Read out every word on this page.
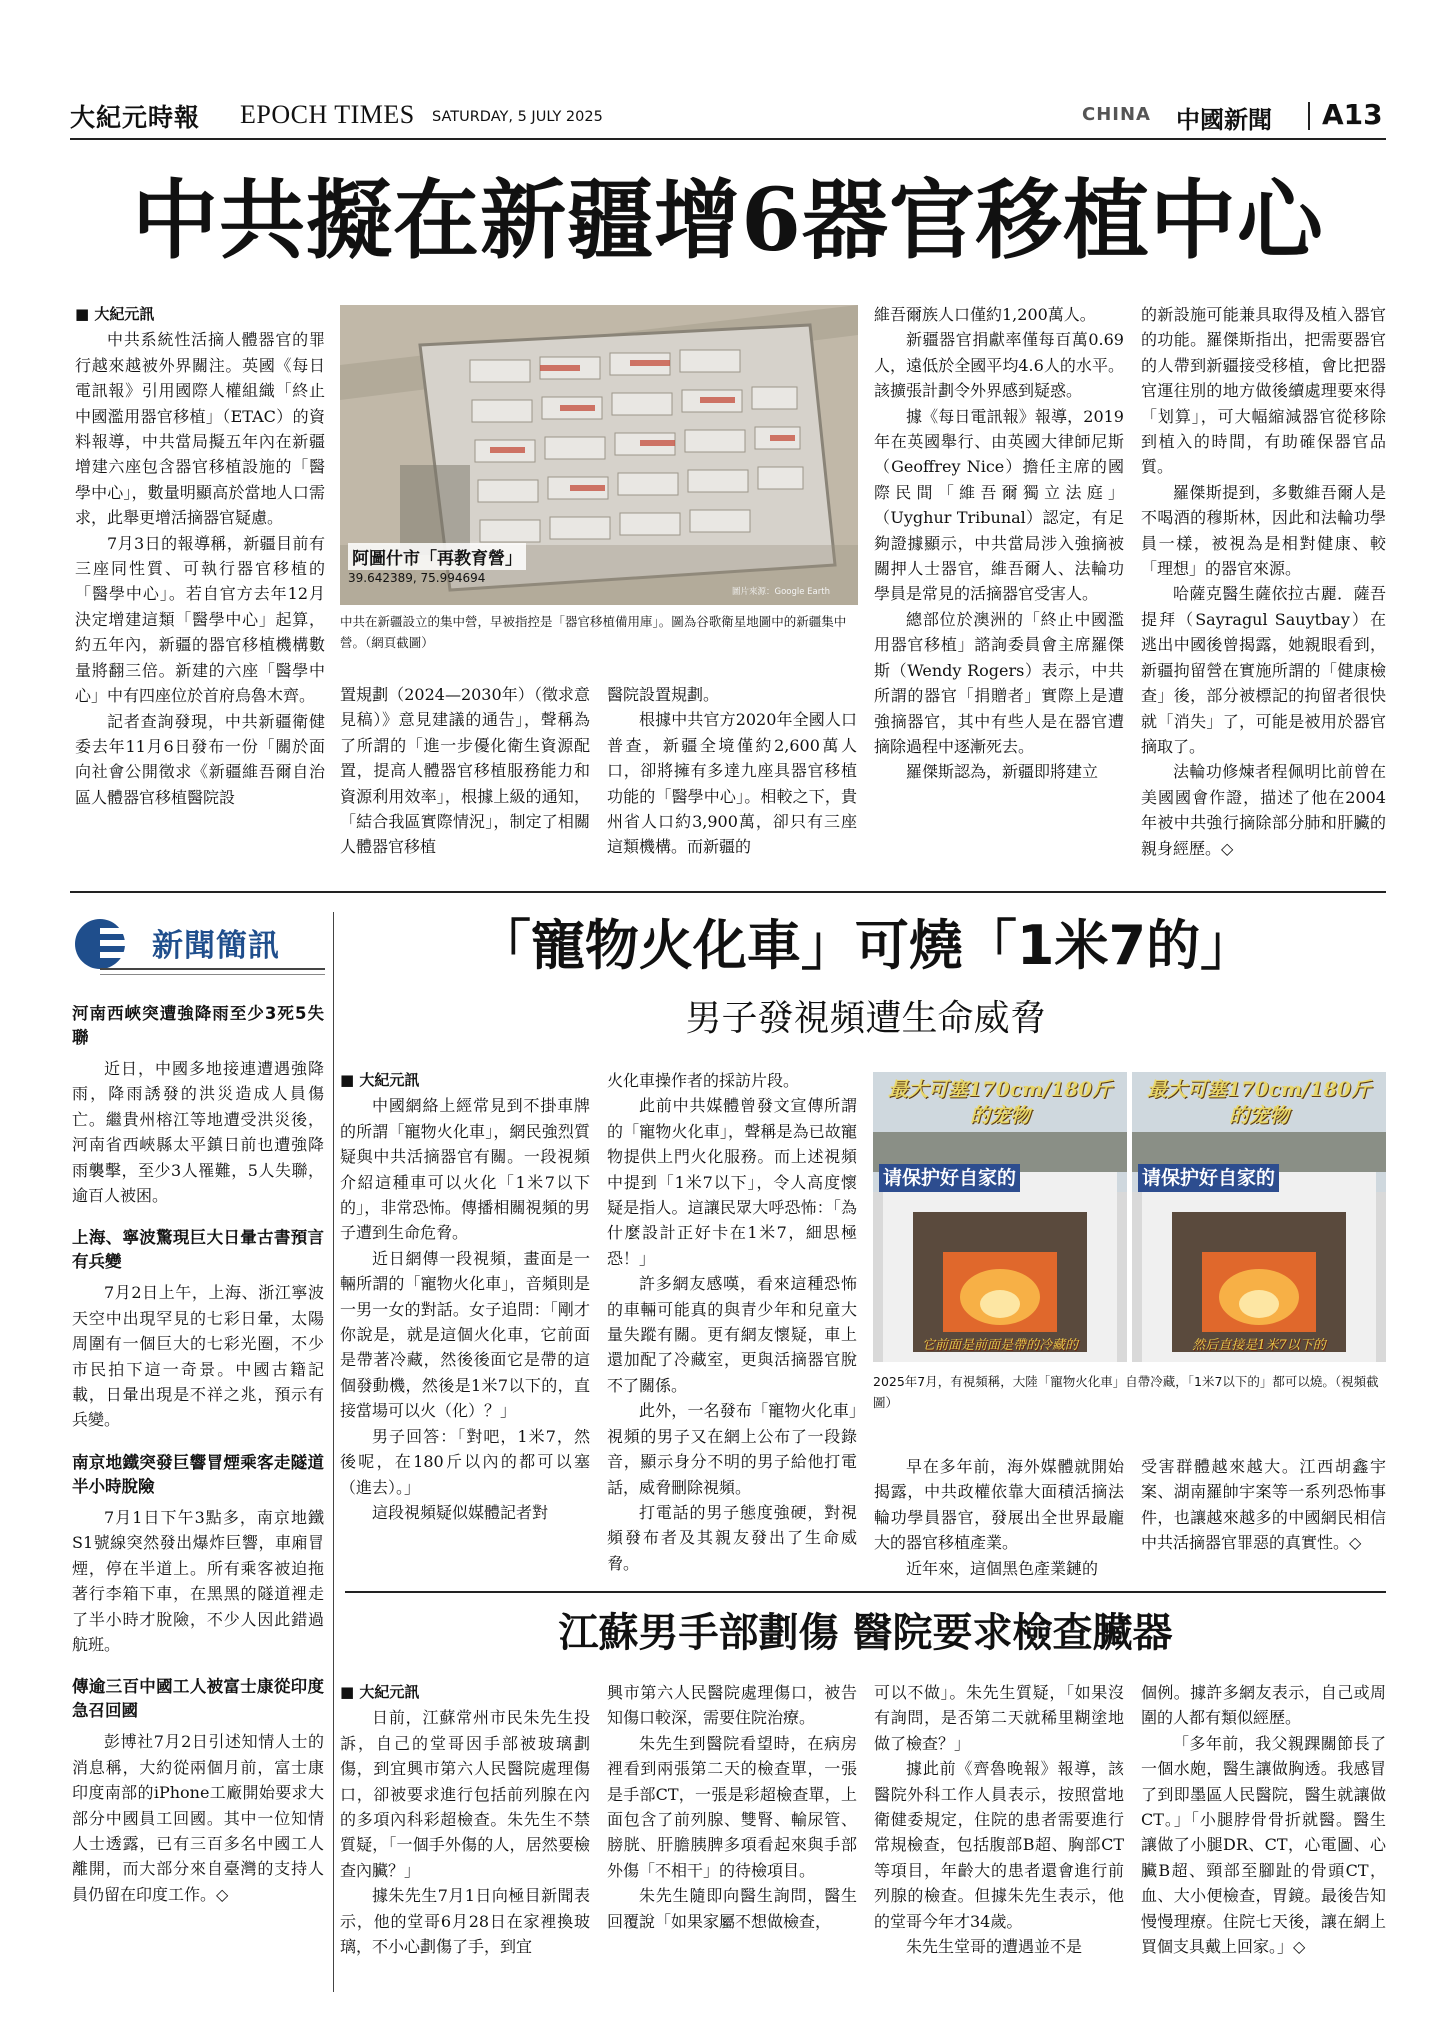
大紀元時報 EPOCH TIMES SATURDAY, 5 JULY 2025	CHINA 中國新聞 A13
中共擬在新疆增6器官移植中心

■ 大紀元訊

中共系統性活摘人體器官的罪行越來越被外界關注。英國《每日電訊報》引用國際人權組織「終止中國濫用器官移植」（ETAC）的資料報導，中共當局擬五年內在新疆增建六座包含器官移植設施的「醫學中心」，數量明顯高於當地人口需求，此舉更增活摘器官疑慮。

7月3日的報導稱，新疆目前有三座同性質、可執行器官移植的「醫學中心」。若自官方去年12月決定增建這類「醫學中心」起算，約五年內，新疆的器官移植機構數量將翻三倍。新建的六座「醫學中心」中有四座位於首府烏魯木齊。

記者查詢發現，中共新疆衛健委去年11月6日發布一份「關於面向社會公開徵求《新疆維吾爾自治區人體器官移植醫院設

阿圖什市「再教育營」
39.642389, 75.994694
圖片來源：Google Earth
中共在新疆設立的集中營，早被指控是「器官移植備用庫」。圖為谷歌衛星地圖中的新疆集中營。（網頁截圖）

置規劃（2024—2030年）（徵求意見稿）》意見建議的通告」，聲稱為了所謂的「進一步優化衛生資源配置，提高人體器官移植服務能力和資源利用效率」，根據上級的通知，「結合我區實際情況」，制定了相關人體器官移植

醫院設置規劃。

根據中共官方2020年全國人口普查，新疆全境僅約2,600萬人口，卻將擁有多達九座具器官移植功能的「醫學中心」。相較之下，貴州省人口約3,900萬，卻只有三座這類機構。而新疆的

維吾爾族人口僅約1,200萬人。

新疆器官捐獻率僅每百萬0.69人，遠低於全國平均4.6人的水平。該擴張計劃令外界感到疑惑。

據《每日電訊報》報導，2019年在英國舉行、由英國大律師尼斯（Geoffrey Nice）擔任主席的國際民間「維吾爾獨立法庭」（Uyghur Tribunal）認定，有足夠證據顯示，中共當局涉入強摘被關押人士器官，維吾爾人、法輪功學員是常見的活摘器官受害人。

總部位於澳洲的「終止中國濫用器官移植」諮詢委員會主席羅傑斯（Wendy Rogers）表示，中共所謂的器官「捐贈者」實際上是遭強摘器官，其中有些人是在器官遭摘除過程中逐漸死去。

羅傑斯認為，新疆即將建立

的新設施可能兼具取得及植入器官的功能。羅傑斯指出，把需要器官的人帶到新疆接受移植，會比把器官運往別的地方做後續處理要來得「划算」，可大幅縮減器官從移除到植入的時間，有助確保器官品質。

羅傑斯提到，多數維吾爾人是不喝酒的穆斯林，因此和法輪功學員一樣，被視為是相對健康、較「理想」的器官來源。

哈薩克醫生薩依拉古麗．薩吾提拜（Sayragul Sauytbay）在逃出中國後曾揭露，她親眼看到，新疆拘留營在實施所謂的「健康檢查」後，部分被標記的拘留者很快就「消失」了，可能是被用於器官摘取了。

法輪功修煉者程佩明比前曾在美國國會作證，描述了他在2004年被中共強行摘除部分肺和肝臟的親身經歷。◇

新聞簡訊
河南西峽突遭強降雨至少3死5失聯

近日，中國多地接連遭遇強降雨，降雨誘發的洪災造成人員傷亡。繼貴州榕江等地遭受洪災後，河南省西峽縣太平鎮日前也遭強降雨襲擊，至少3人罹難，5人失聯，逾百人被困。

上海、寧波驚現巨大日暈古書預言有兵變

7月2日上午，上海、浙江寧波天空中出現罕見的七彩日暈，太陽周圍有一個巨大的七彩光圈，不少市民拍下這一奇景。中國古籍記載，日暈出現是不祥之兆，預示有兵變。

南京地鐵突發巨響冒煙乘客走隧道半小時脫險

7月1日下午3點多，南京地鐵S1號線突然發出爆炸巨響，車廂冒煙，停在半道上。所有乘客被迫拖著行李箱下車，在黑黑的隧道裡走了半小時才脫險，不少人因此錯過航班。

傳逾三百中國工人被富士康從印度急召回國

彭博社7月2日引述知情人士的消息稱，大約從兩個月前，富士康印度南部的iPhone工廠開始要求大部分中國員工回國。其中一位知情人士透露，已有三百多名中國工人離開，而大部分來自臺灣的支持人員仍留在印度工作。◇

「寵物火化車」可燒「1米7的」
男子發視頻遭生命威脅

■ 大紀元訊

中國網絡上經常見到不掛車牌的所謂「寵物火化車」，網民強烈質疑與中共活摘器官有關。一段視頻介紹這種車可以火化「1米7以下的」，非常恐怖。傳播相關視頻的男子遭到生命危脅。

近日網傳一段視頻，畫面是一輛所謂的「寵物火化車」，音頻則是一男一女的對話。女子追問：「剛才你說是，就是這個火化車，它前面是帶著冷藏，然後後面它是帶的這個發動機，然後是1米7以下的，直接當場可以火（化）？」

男子回答：「對吧，1米7，然後呢，在180斤以內的都可以塞（進去）。」

這段視頻疑似媒體記者對

火化車操作者的採訪片段。

此前中共媒體曾發文宣傳所謂的「寵物火化車」，聲稱是為已故寵物提供上門火化服務。而上述視頻中提到「1米7以下」，令人高度懷疑是指人。這讓民眾大呼恐怖：「為什麼設計正好卡在1米7，細思極恐！」

許多網友感嘆，看來這種恐怖的車輛可能真的與青少年和兒童大量失蹤有關。更有網友懷疑，車上還加配了冷藏室，更與活摘器官脫不了關係。

此外，一名發布「寵物火化車」視頻的男子又在網上公布了一段錄音，顯示身分不明的男子給他打電話，威脅刪除視頻。

打電話的男子態度強硬，對視頻發布者及其親友發出了生命威脅。

最大可塞170cm/180斤的宠物
请保护好自家的
它前面是前面是帶的冷藏的
最大可塞170cm/180斤的宠物
请保护好自家的
然后直接是1米7以下的
2025年7月，有視頻稱，大陸「寵物火化車」自帶冷藏，「1米7以下的」都可以燒。（視頻截圖）

早在多年前，海外媒體就開始揭露，中共政權依靠大面積活摘法輪功學員器官，發展出全世界最龐大的器官移植產業。

近年來，這個黑色產業鏈的

受害群體越來越大。江西胡鑫宇案、湖南羅帥宇案等一系列恐怖事件，也讓越來越多的中國網民相信中共活摘器官罪惡的真實性。◇

江蘇男手部劃傷 醫院要求檢查臟器

■ 大紀元訊

日前，江蘇常州市民朱先生投訴，自己的堂哥因手部被玻璃劃傷，到宜興市第六人民醫院處理傷口，卻被要求進行包括前列腺在內的多項內科彩超檢查。朱先生不禁質疑，「一個手外傷的人，居然要檢查內臟？」

據朱先生7月1日向極目新聞表示，他的堂哥6月28日在家裡換玻璃，不小心劃傷了手，到宜

興市第六人民醫院處理傷口，被告知傷口較深，需要住院治療。

朱先生到醫院看望時，在病房裡看到兩張第二天的檢查單，一張是手部CT，一張是彩超檢查單，上面包含了前列腺、雙腎、輸尿管、膀胱、肝膽胰脾多項看起來與手部外傷「不相干」的待檢項目。

朱先生隨即向醫生詢問，醫生回覆說「如果家屬不想做檢查，

可以不做」。朱先生質疑，「如果沒有詢問，是否第二天就稀里糊塗地做了檢查？」

據此前《齊魯晚報》報導，該醫院外科工作人員表示，按照當地衛健委規定，住院的患者需要進行常規檢查，包括腹部B超、胸部CT等項目，年齡大的患者還會進行前列腺的檢查。但據朱先生表示，他的堂哥今年才34歲。

朱先生堂哥的遭遇並不是

個例。據許多網友表示，自己或周圍的人都有類似經歷。

「多年前，我父親踝關節長了一個水皰，醫生讓做胸透。我感冒了到即墨區人民醫院，醫生就讓做CT。」「小腿脖骨骨折就醫。醫生讓做了小腿DR、CT，心電圖、心臟B超、頸部至腳趾的骨頭CT，血、大小便檢查，胃鏡。最後告知慢慢理療。住院七天後，讓在網上買個支具戴上回家。」◇
